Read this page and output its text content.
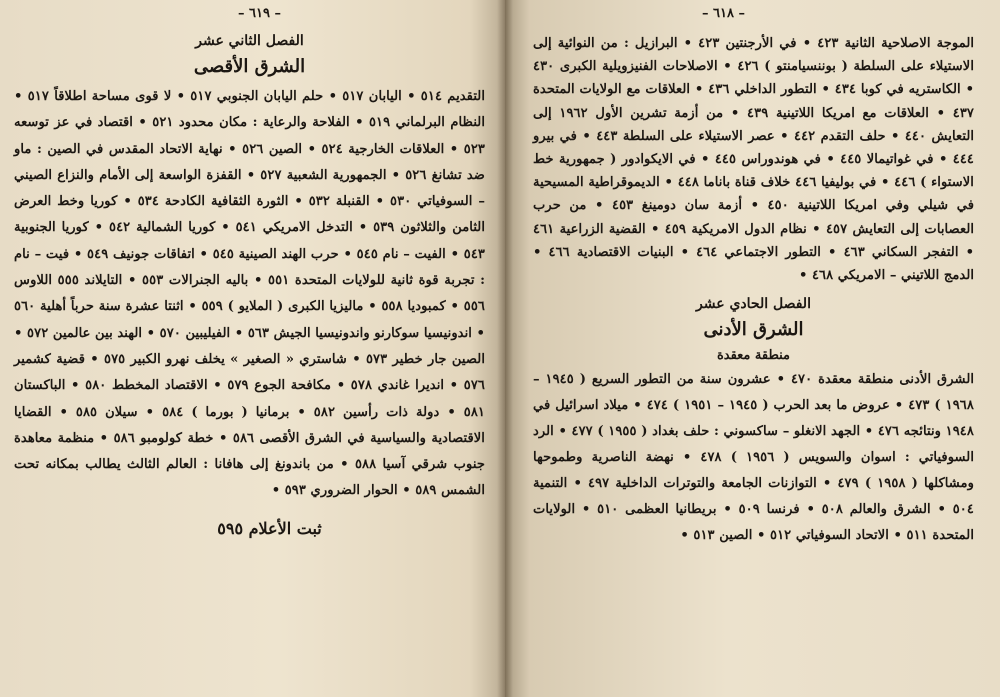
– ٦١٩ –
الفصل الثاني عشر
الشرق الأقصى
التقديم ٥١٤ • اليابان ٥١٧ • حلم اليابان الجنوبي ٥١٧ • لا قوى مساحة اطلاقاً ٥١٧ • النظام البرلماني ٥١٩ • الفلاحة والرعاية : مكان محدود ٥٢١ • اقتصاد في عز توسعه ٥٢٣ • العلاقات الخارجية ٥٢٤ • الصين ٥٢٦ • نهاية الاتحاد المقدس في الصين : ماو ضد تشانغ ٥٢٦ • الجمهورية الشعبية ٥٢٧ • القفزة الواسعة إلى الأمام والنزاع الصيني – السوفياتي ٥٣٠ • القنبلة ٥٣٢ • الثورة الثقافية الكادحة ٥٣٤ • كوريا وخط العرض الثامن والثلاثون ٥٣٩ • التدخل الامريكي ٥٤١ • كوريا الشمالية ٥٤٢ • كوريا الجنوبية ٥٤٣ • الفيت – نام ٥٤٥ • حرب الهند الصينية ٥٤٥ • اتفاقات جونيف ٥٤٩ • فيت – نام : تجربة قوة ثانية للولايات المتحدة ٥٥١ • باليه الجنرالات ٥٥٣ • التايلاند ٥٥٥ اللاوس ٥٥٦ • كمبوديا ٥٥٨ • ماليزيا الكبرى ( الملايو ) ٥٥٩ • اثنتا عشرة سنة حرباً أهلية ٥٦٠ • اندونيسيا سوكارنو واندونيسيا الجيش ٥٦٣ • الفيليبين ٥٧٠ • الهند بين عالمين ٥٧٢ • الصين جار خطير ٥٧٣ • شاستري « الصغير » يخلف نهرو الكبير ٥٧٥ • قضية كشمير ٥٧٦ • انديرا غاندي ٥٧٨ • مكافحة الجوع ٥٧٩ • الاقتصاد المخطط ٥٨٠ • الباكستان ٥٨١ • دولة ذات رأسين ٥٨٢ • برمانيا ( بورما ) ٥٨٤ • سيلان ٥٨٥ • القضايا الاقتصادية والسياسية في الشرق الأقصى ٥٨٦ • خطة كولومبو ٥٨٦ • منظمة معاهدة جنوب شرقي آسيا ٥٨٨ • من باندونغ إلى هافانا : العالم الثالث يطالب بمكانه تحت الشمس ٥٨٩ • الحوار الضروري ٥٩٣ •
ثبت الأعلام ٥٩٥
– ٦١٨ –
الموجة الاصلاحية الثانية ٤٢٣ • في الأرجنتين ٤٢٣ • البرازيل : من النوائية إلى الاستيلاء على السلطة ( بوننسيامنتو ) ٤٢٦ • الاصلاحات الفنيزويلية الكبرى ٤٣٠ • الكاستريه في كوبا ٤٣٤ • التطور الداخلي ٤٣٦ • العلاقات مع الولايات المتحدة ٤٣٧ • العلاقات مع امريكا اللاتينية ٤٣٩ • من أزمة تشرين الأول ١٩٦٢ إلى التعايش ٤٤٠ • حلف التقدم ٤٤٢ • عصر الاستيلاء على السلطة ٤٤٣ • في بيرو ٤٤٤ • في غواتيمالا ٤٤٥ • في هوندوراس ٤٤٥ • في الايكوادور ( جمهورية خط الاستواء ) ٤٤٦ • في بوليفيا ٤٤٦ خلاف قناة باناما ٤٤٨ • الديموقراطية المسيحية في شيلي وفي امريكا اللاتينية ٤٥٠ • أزمة سان دومينغ ٤٥٣ • من حرب العصابات إلى التعايش ٤٥٧ • نظام الدول الامريكية ٤٥٩ • القضية الزراعية ٤٦١ • التفجر السكاني ٤٦٣ • التطور الاجتماعي ٤٦٤ • البنيات الاقتصادية ٤٦٦ • الدمج اللاتيني – الامريكي ٤٦٨ •
الفصل الحادي عشر
الشرق الأدنى
منطقة معقدة
الشرق الأدنى منطقة معقدة ٤٧٠ • عشرون سنة من التطور السريع ( ١٩٤٥ – ١٩٦٨ ) ٤٧٣ • عروض ما بعد الحرب ( ١٩٤٥ – ١٩٥١ ) ٤٧٤ • ميلاد اسرائيل في ١٩٤٨ ونتائجه ٤٧٦ • الجهد الانغلو – ساكسوني : حلف بغداد ( ١٩٥٥ ) ٤٧٧ • الرد السوفياتي : اسوان والسويس ( ١٩٥٦ ) ٤٧٨ • نهضة الناصرية وطموحها ومشاكلها ( ١٩٥٨ ) ٤٧٩ • التوازنات الجامعة والتوترات الداخلية ٤٩٧ • التنمية ٥٠٤ • الشرق والعالم ٥٠٨ • فرنسا ٥٠٩ • بريطانيا العظمى ٥١٠ • الولايات المتحدة ٥١١ • الاتحاد السوفياتي ٥١٢ • الصين ٥١٣ •
